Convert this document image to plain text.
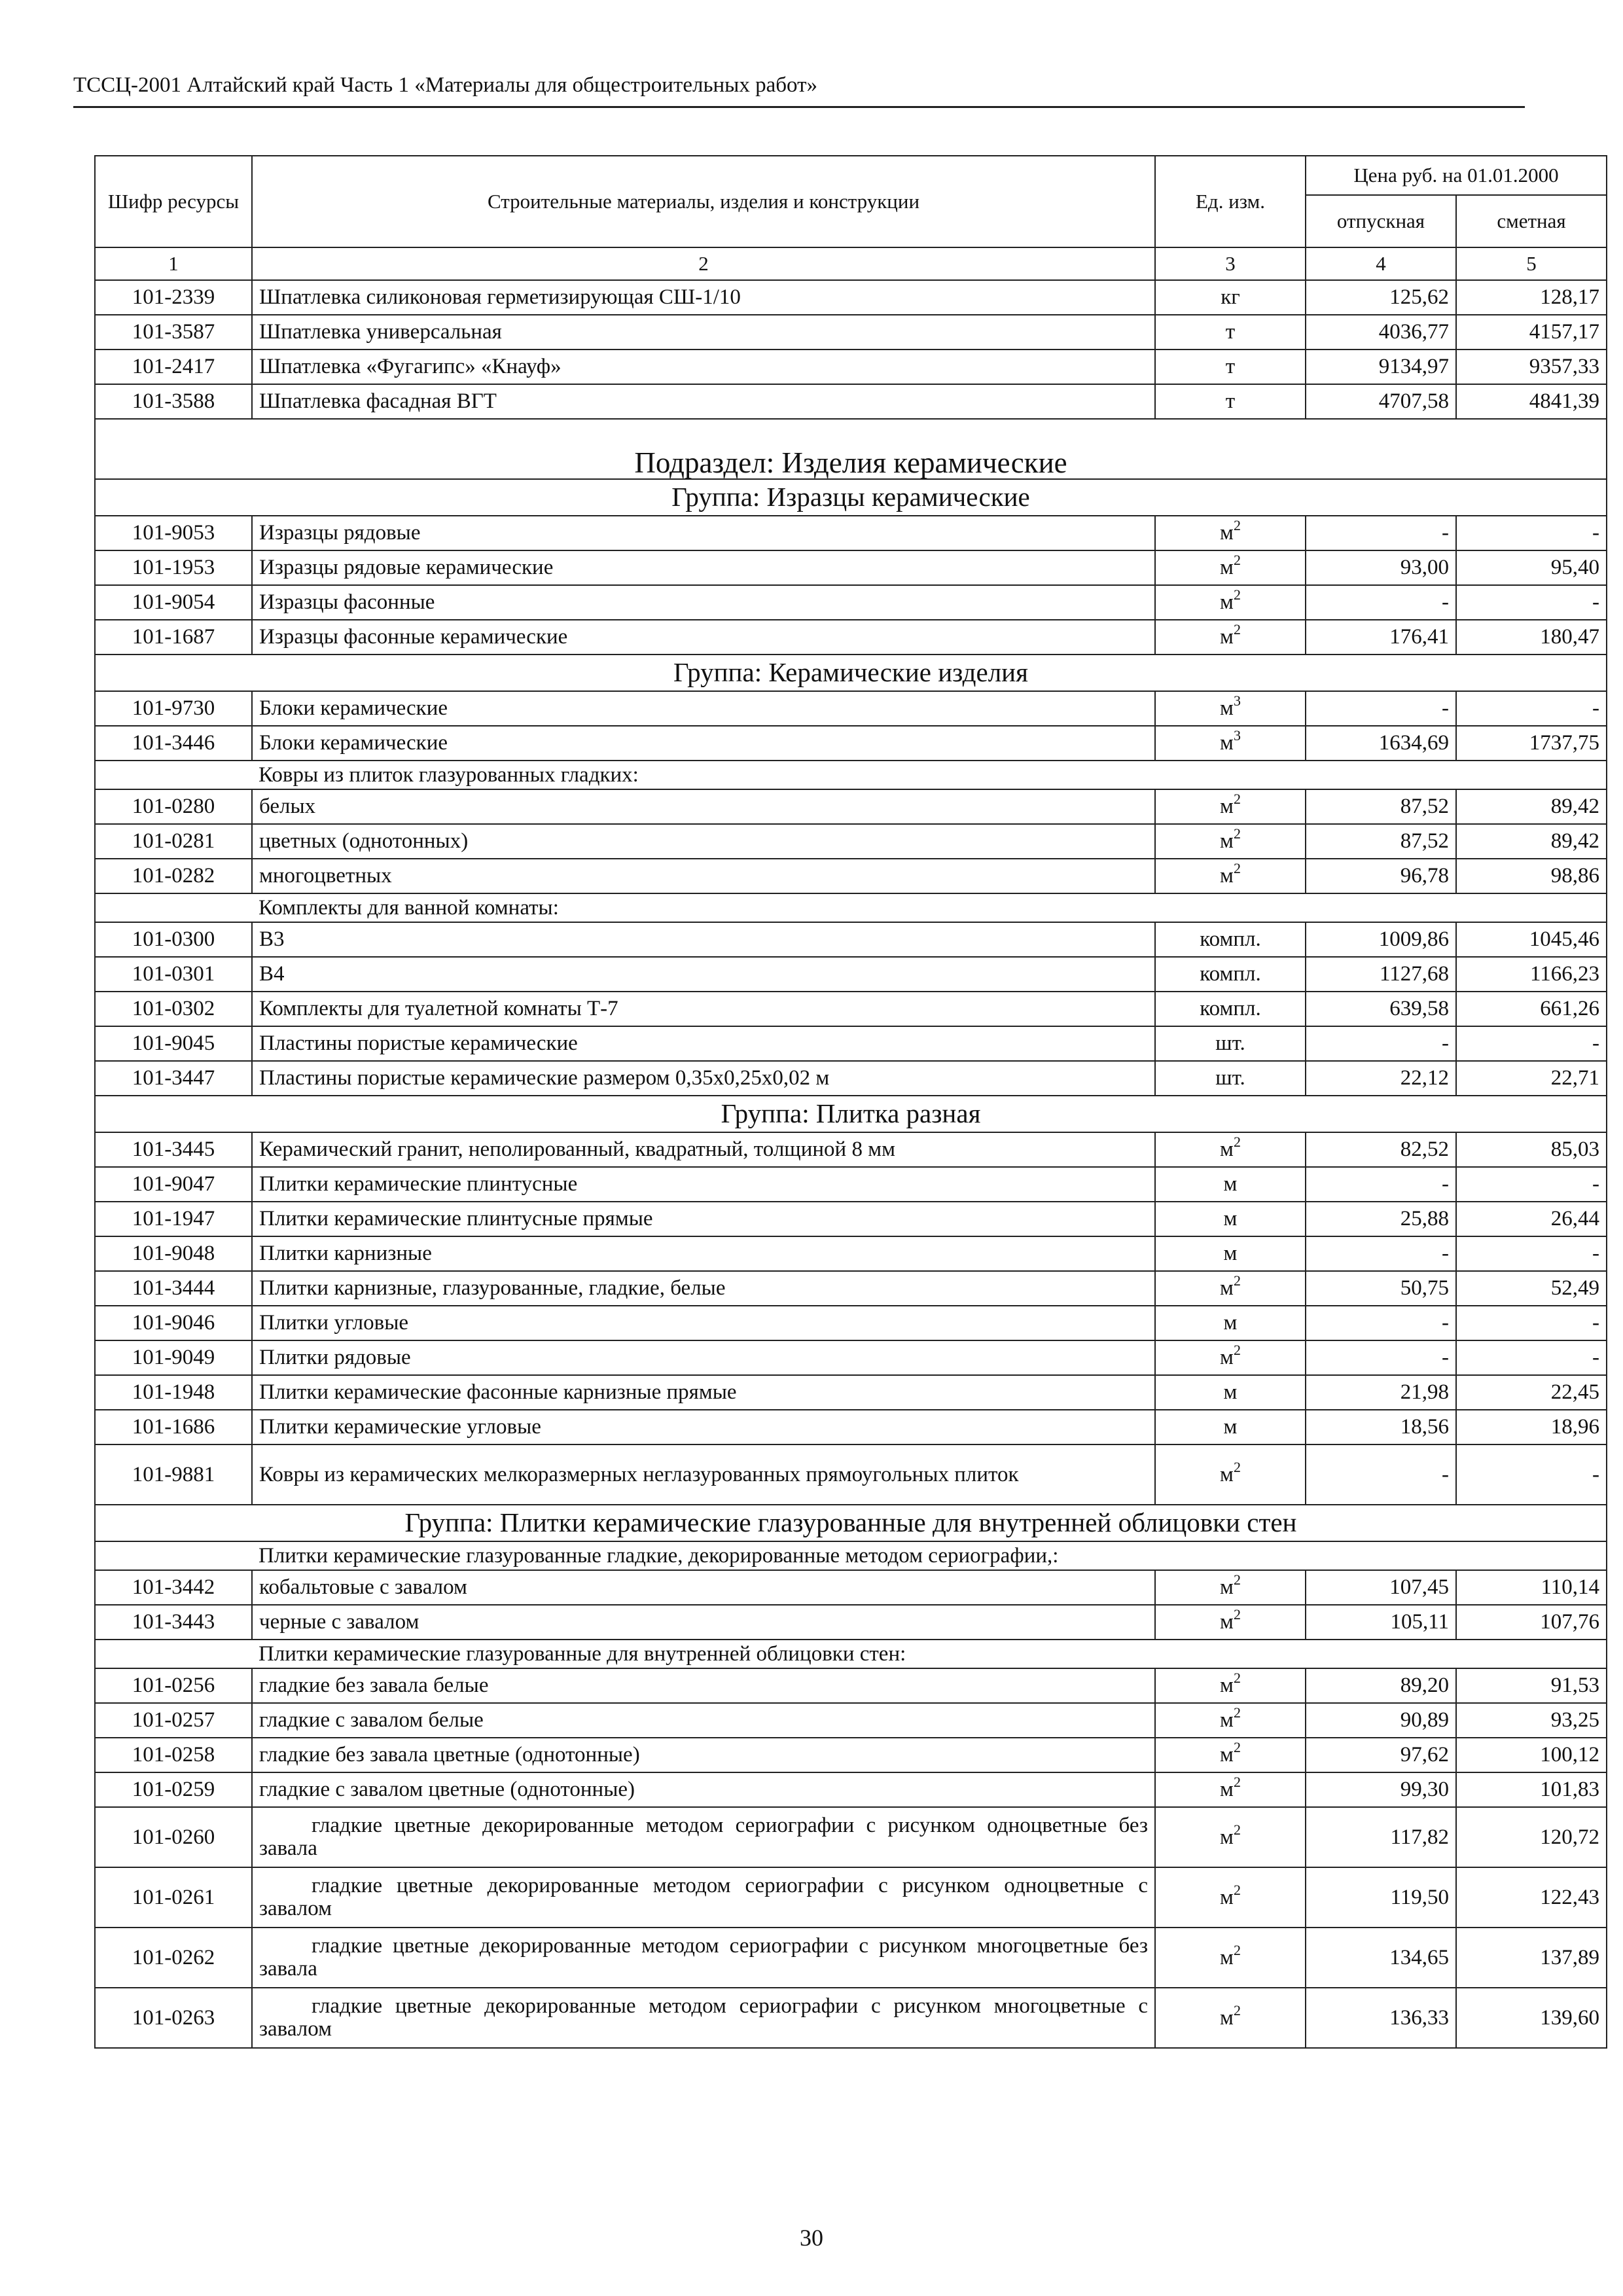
ТССЦ-2001 Алтайский край Часть 1 «Материалы для общестроительных работ»
Шифр ресурсы	Строительные материалы, изделия и конструкции	Ед. изм.	Цена руб. на 01.01.2000	
			отпускная	сметная
1	2	3	4	5
101-2339	Шпатлевка силиконовая герметизирующая СШ-1/10	кг	125,62	128,17
101-3587	Шпатлевка универсальная	т	4036,77	4157,17
101-2417	Шпатлевка «Фугагипс» «Кнауф»	т	9134,97	9357,33
101-3588	Шпатлевка фасадная ВГТ	т	4707,58	4841,39
Подраздел: Изделия керамические				
Группа: Изразцы керамические				
101-9053	Изразцы рядовые	$м^2$	-	-
101-1953	Изразцы рядовые керамические	$м^2$	93,00	95,40
101-9054	Изразцы фасонные	$м^2$	-	-
101-1687	Изразцы фасонные керамические	$м^2$	176,41	180,47
Группа: Керамические изделия				
101-9730	Блоки керамические	$м^3$	-	-
101-3446	Блоки керамические	$м^3$	1634,69	1737,75
	Ковры из плиток глазурованных гладких:			
101-0280	белых	$м^2$	87,52	89,42
101-0281	цветных (однотонных)	$м^2$	87,52	89,42
101-0282	многоцветных	$м^2$	96,78	98,86
	Комплекты для ванной комнаты:			
101-0300	В3	компл.	1009,86	1045,46
101-0301	В4	компл.	1127,68	1166,23
101-0302	Комплекты для туалетной комнаты Т-7	компл.	639,58	661,26
101-9045	Пластины пористые керамические	шт.	-	-
101-3447	Пластины пористые керамические размером 0,35х0,25х0,02 м	шт.	22,12	22,71
Группа: Плитка разная				
101-3445	Керамический гранит, неполированный, квадратный, толщиной 8 мм	$м^2$	82,52	85,03
101-9047	Плитки керамические плинтусные	м	-	-
101-1947	Плитки керамические плинтусные прямые	м	25,88	26,44
101-9048	Плитки карнизные	м	-	-
101-3444	Плитки карнизные, глазурованные, гладкие, белые	$м^2$	50,75	52,49
101-9046	Плитки угловые	м	-	-
101-9049	Плитки рядовые	$м^2$	-	-
101-1948	Плитки керамические фасонные карнизные прямые	м	21,98	22,45
101-1686	Плитки керамические угловые	м	18,56	18,96
101-9881	Ковры из керамических мелкоразмерных неглазурованных прямоугольных плиток	$м^2$	-	-
Группа: Плитки керамические глазурованные для внутренней облицовки стен				
	Плитки керамические глазурованные гладкие, декорированные методом сериографии,:			
101-3442	кобальтовые с завалом	$м^2$	107,45	110,14
101-3443	черные с завалом	$м^2$	105,11	107,76
	Плитки керамические глазурованные для внутренней облицовки стен:			
101-0256	гладкие без завала белые	$м^2$	89,20	91,53
101-0257	гладкие с завалом белые	$м^2$	90,89	93,25
101-0258	гладкие без завала цветные (однотонные)	$м^2$	97,62	100,12
101-0259	гладкие с завалом цветные (однотонные)	$м^2$	99,30	101,83
101-0260	гладкие цветные декорированные методом сериографии с рисунком одноцветные без завала	$м^2$	117,82	120,72
101-0261	гладкие цветные декорированные методом сериографии с рисунком одноцветные с завалом	$м^2$	119,50	122,43
101-0262	гладкие цветные декорированные методом сериографии с рисунком многоцветные без завала	$м^2$	134,65	137,89
101-0263	гладкие цветные декорированные методом сериографии с рисунком многоцветные с завалом	$м^2$	136,33	139,60
30
